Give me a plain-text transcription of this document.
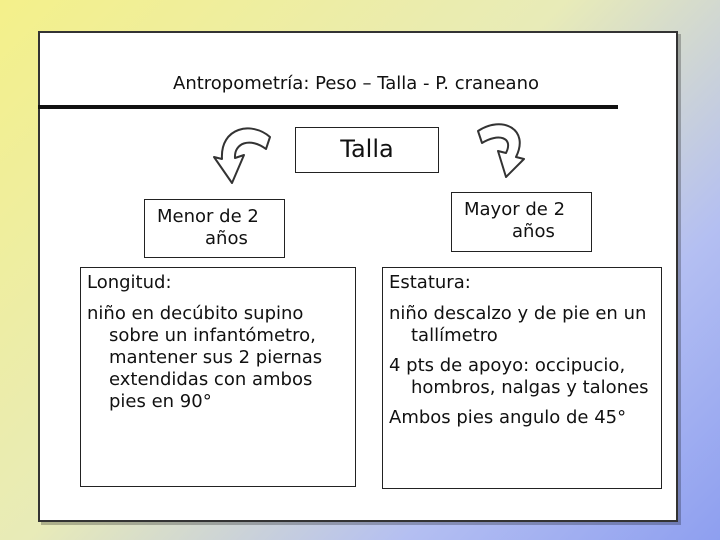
Antropometría: Peso – Talla - P. craneano
Talla
Menor de 2
años
Mayor de 2
años
Longitud:
niño en decúbito supino sobre un infantómetro, mantener sus 2 piernas extendidas con ambos pies en 90°
Estatura:
niño descalzo y de pie en un tallímetro
4 pts de apoyo: occipucio, hombros, nalgas y talones
Ambos pies angulo de 45°
